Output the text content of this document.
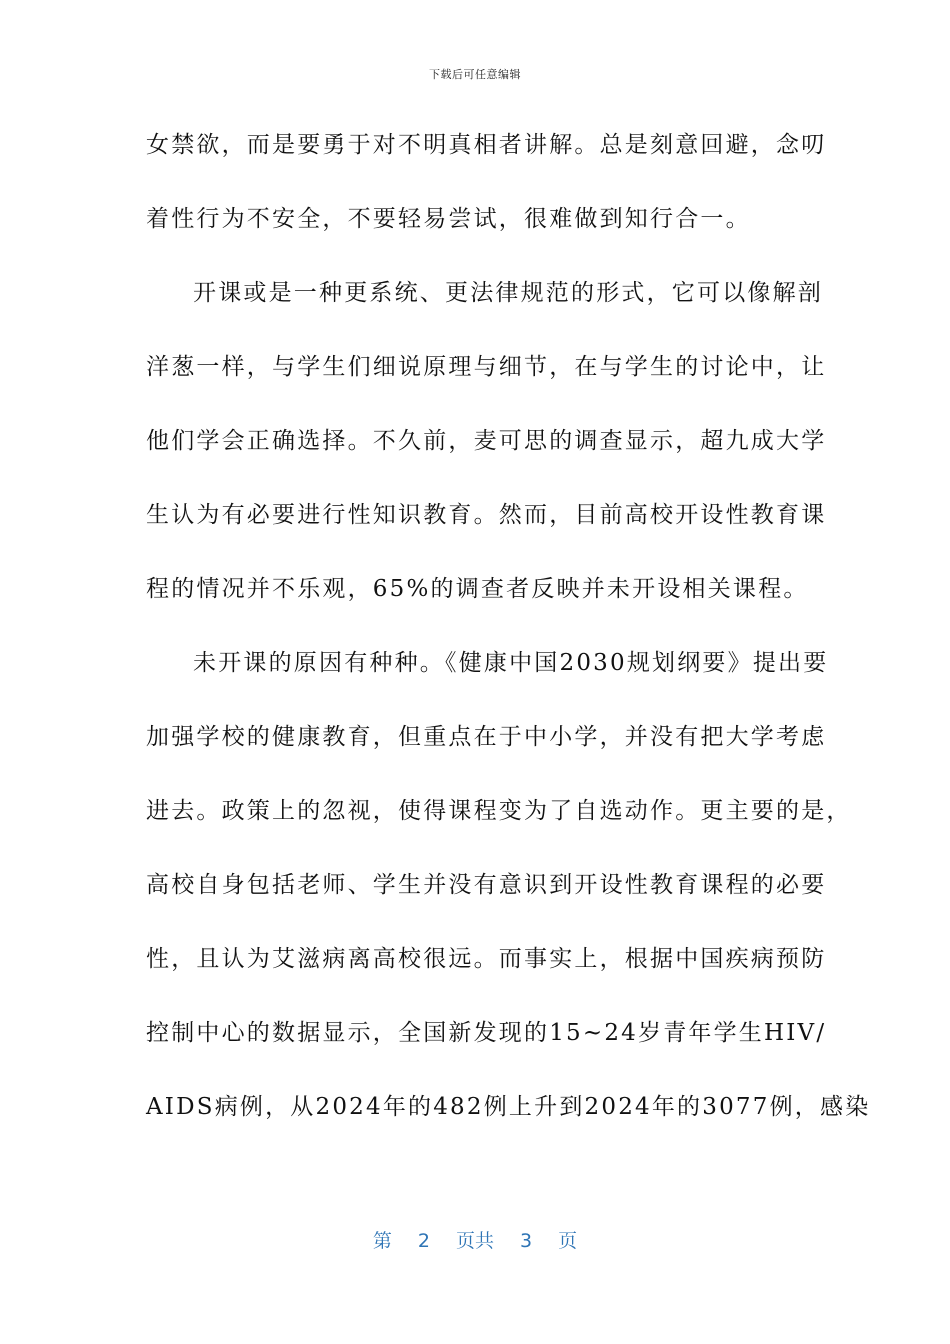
下载后可任意编辑
女禁欲，而是要勇于对不明真相者讲解。总是刻意回避，念叨
着性行为不安全，不要轻易尝试，很难做到知行合一。
开课或是一种更系统、更法律规范的形式，它可以像解剖
洋葱一样，与学生们细说原理与细节，在与学生的讨论中，让
他们学会正确选择。不久前，麦可思的调查显示，超九成大学
生认为有必要进行性知识教育。然而，目前高校开设性教育课
程的情况并不乐观，65%的调查者反映并未开设相关课程。
未开课的原因有种种。《健康中国2030规划纲要》提出要
加强学校的健康教育，但重点在于中小学，并没有把大学考虑
进去。政策上的忽视，使得课程变为了自选动作。更主要的是，
高校自身包括老师、学生并没有意识到开设性教育课程的必要
性，且认为艾滋病离高校很远。而事实上，根据中国疾病预防
控制中心的数据显示，全国新发现的15~24岁青年学生HIV/
AIDS病例，从2024年的482例上升到2024年的3077例，感染
第 2 页共 3 页
